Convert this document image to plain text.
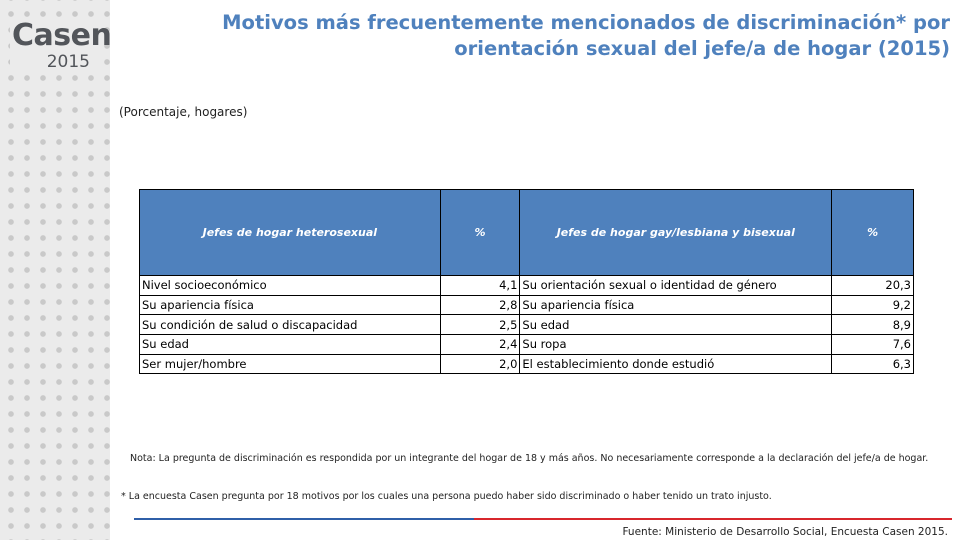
Casen
2015
Motivos más frecuentemente mencionados de discriminación* por
orientación sexual del jefe/a de hogar (2015)
(Porcentaje, hogares)
Jefes de hogar heterosexual	%	Jefes de hogar gay/lesbiana y bisexual	%
Nivel socioeconómico	4,1	Su orientación sexual o identidad de género	20,3
Su apariencia física	2,8	Su apariencia física	9,2
Su condición de salud o discapacidad	2,5	Su edad	8,9
Su edad	2,4	Su ropa	7,6
Ser mujer/hombre	2,0	El establecimiento donde estudió	6,3
Nota: La pregunta de discriminación es respondida por un integrante del hogar de 18 y más años. No necesariamente corresponde a la declaración del jefe/a de hogar.
* La encuesta Casen pregunta por 18 motivos por los cuales una persona puedo haber sido discriminado o haber tenido un trato injusto.
Fuente: Ministerio de Desarrollo Social, Encuesta Casen 2015.
